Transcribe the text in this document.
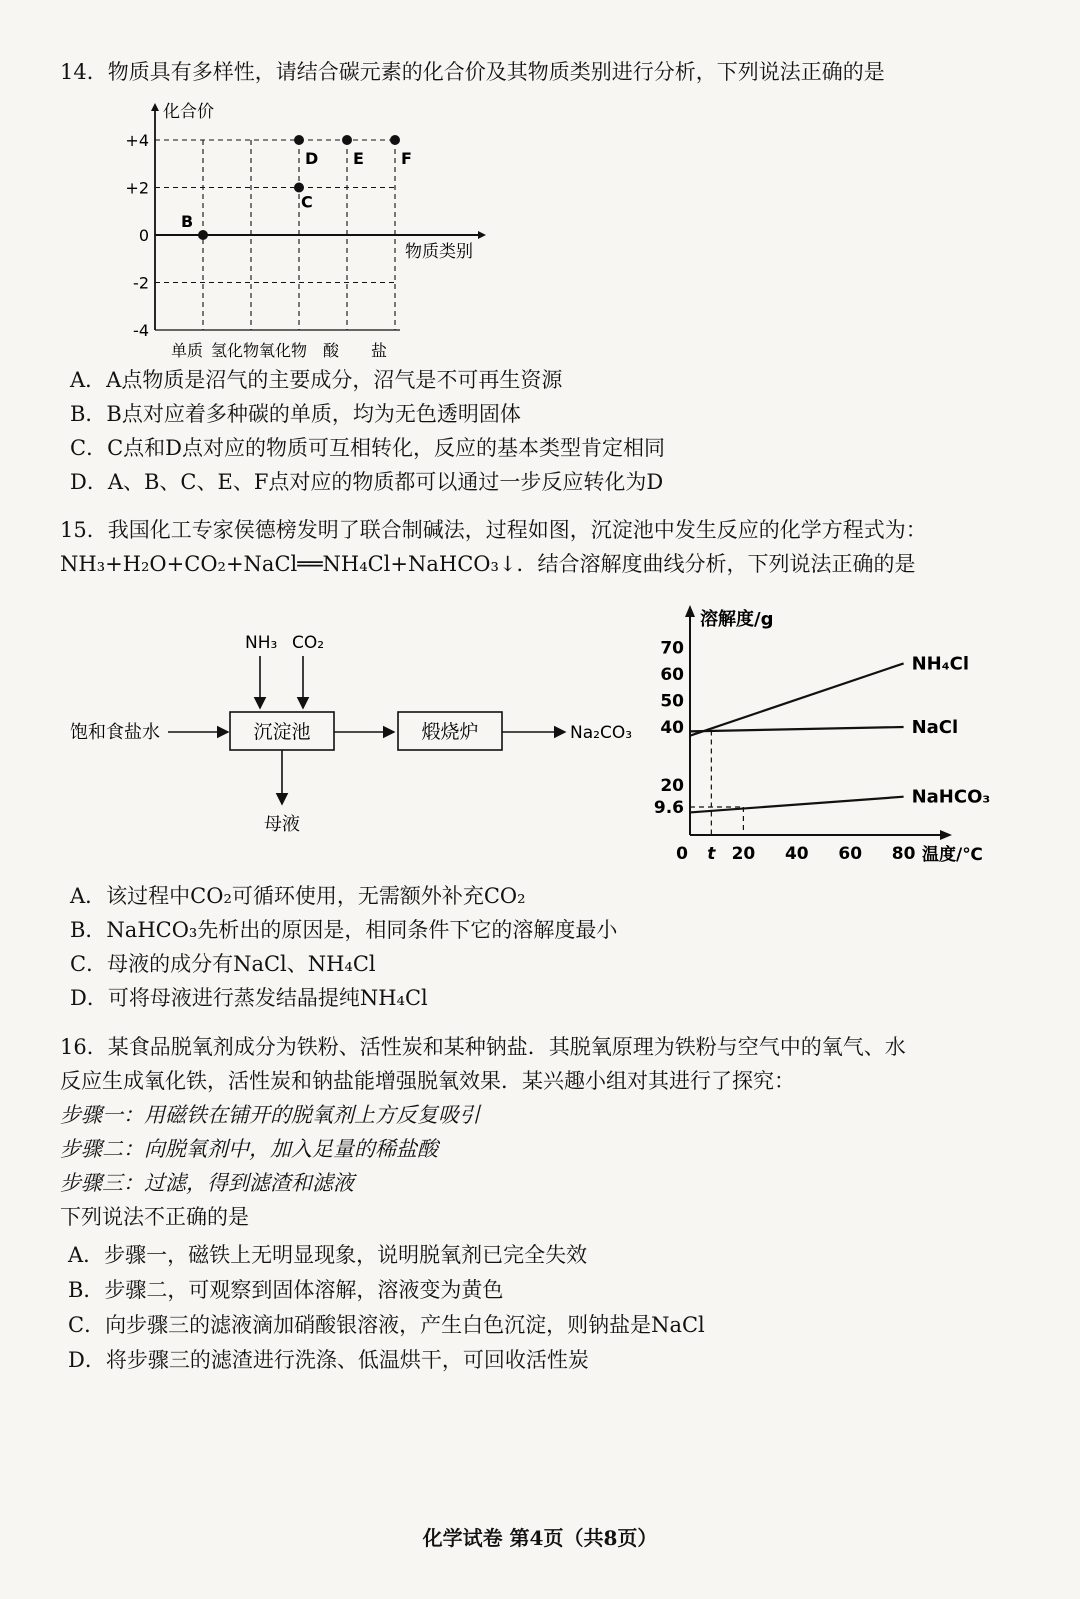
14．物质具有多样性，请结合碳元素的化合价及其物质类别进行分析，下列说法正确的是
化合价
+4
+2
0
-2
-4
单质 氢化物 氧化物 酸 盐
物质类别
B
C
D E F
A．A点物质是沼气的主要成分，沼气是不可再生资源
B．B点对应着多种碳的单质，均为无色透明固体
C．C点和D点对应的物质可互相转化，反应的基本类型肯定相同
D．A、B、C、E、F点对应的物质都可以通过一步反应转化为D
15．我国化工专家侯德榜发明了联合制碱法，过程如图，沉淀池中发生反应的化学方程式为：
NH₃+H₂O+CO₂+NaCl══NH₄Cl+NaHCO₃↓．结合溶解度曲线分析，下列说法正确的是
饱和食盐水
NH₃ CO₂
沉淀池	煅烧炉	Na₂CO₃
母液
溶解度/g
温度/℃
70
60
50
40
20
9.6
0 t 20 40 60 80
NH₄Cl
NaCl
NaHCO₃
A．该过程中CO₂可循环使用，无需额外补充CO₂
B．NaHCO₃先析出的原因是，相同条件下它的溶解度最小
C．母液的成分有NaCl、NH₄Cl
D．可将母液进行蒸发结晶提纯NH₄Cl
16．某食品脱氧剂成分为铁粉、活性炭和某种钠盐．其脱氧原理为铁粉与空气中的氧气、水
反应生成氧化铁，活性炭和钠盐能增强脱氧效果．某兴趣小组对其进行了探究：
步骤一：用磁铁在铺开的脱氧剂上方反复吸引
步骤二：向脱氧剂中，加入足量的稀盐酸
步骤三：过滤，得到滤渣和滤液
下列说法不正确的是
A．步骤一，磁铁上无明显现象，说明脱氧剂已完全失效
B．步骤二，可观察到固体溶解，溶液变为黄色
C．向步骤三的滤液滴加硝酸银溶液，产生白色沉淀，则钠盐是NaCl
D．将步骤三的滤渣进行洗涤、低温烘干，可回收活性炭
化学试卷 第4页（共8页）
